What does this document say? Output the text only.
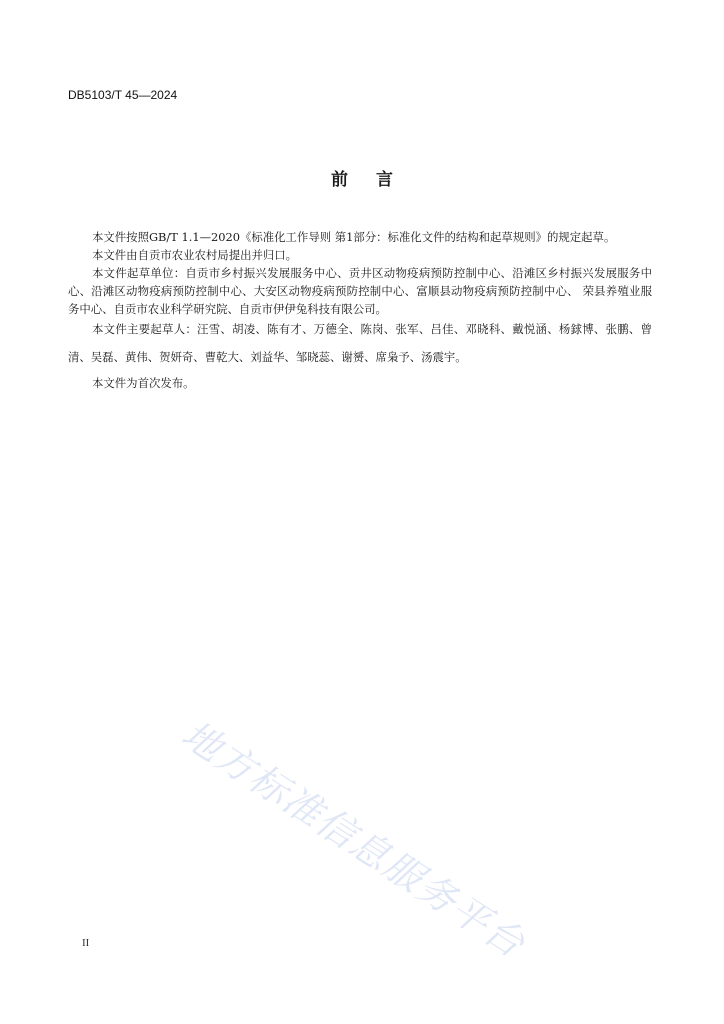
DB5103/T 45—2024
前言

本文件按照GB/T 1.1—2020《标准化工作导则 第1部分：标准化文件的结构和起草规则》的规定起草。

本文件由自贡市农业农村局提出并归口。

本文件起草单位：自贡市乡村振兴发展服务中心、贡井区动物疫病预防控制中心、沿滩区乡村振兴发展服务中心、沿滩区动物疫病预防控制中心、大安区动物疫病预防控制中心、富顺县动物疫病预防控制中心、 荣县养殖业服务中心、自贡市农业科学研究院、自贡市伊伊兔科技有限公司。

本文件主要起草人：汪雪、胡凌、陈有才、万德全、陈岗、张军、吕佳、邓晓科、戴悦涵、杨銶博、张鹏、曾清、吴磊、黄伟、贺妍奇、曹乾大、刘益华、邹晓蕊、谢赟、席枭予、汤震宇。

本文件为首次发布。

地方标准信息服务平台
II
